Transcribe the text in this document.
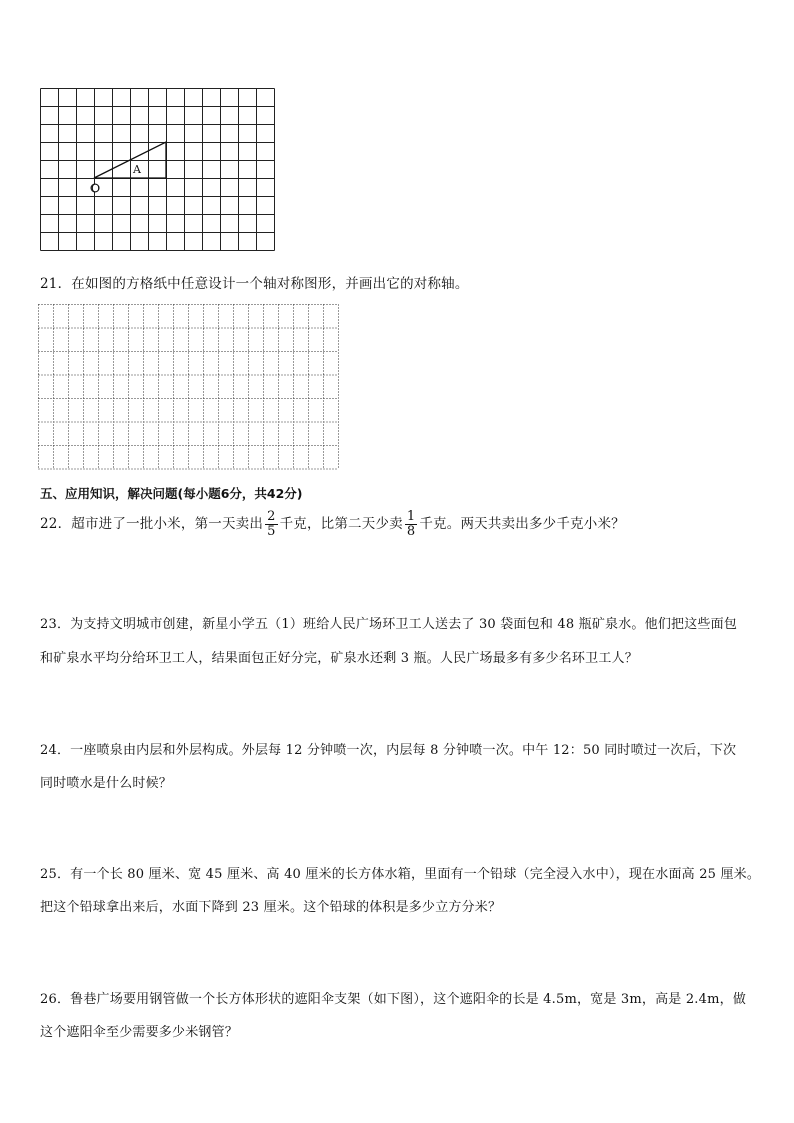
A
O
21．在如图的方格纸中任意设计一个轴对称图形，并画出它的对称轴。
五、应用知识，解决问题(每小题6分，共42分)
22．超市进了一批小米，第一天卖出 $\frac{2}{5}$ 千克，比第二天少卖 $\frac{1}{8}$ 千克。两天共卖出多少千克小米？
23．为支持文明城市创建，新星小学五（1）班给人民广场环卫工人送去了 30 袋面包和 48 瓶矿泉水。他们把这些面包
和矿泉水平均分给环卫工人，结果面包正好分完，矿泉水还剩 3 瓶。人民广场最多有多少名环卫工人？
24．一座喷泉由内层和外层构成。外层每 12 分钟喷一次，内层每 8 分钟喷一次。中午 12：50 同时喷过一次后，下次
同时喷水是什么时候？
25．有一个长 80 厘米、宽 45 厘米、高 40 厘米的长方体水箱，里面有一个铅球（完全浸入水中），现在水面高 25 厘米。
把这个铅球拿出来后，水面下降到 23 厘米。这个铅球的体积是多少立方分米？
26．鲁巷广场要用钢管做一个长方体形状的遮阳伞支架（如下图），这个遮阳伞的长是 4.5m，宽是 3m，高是 2.4m，做
这个遮阳伞至少需要多少米钢管？
